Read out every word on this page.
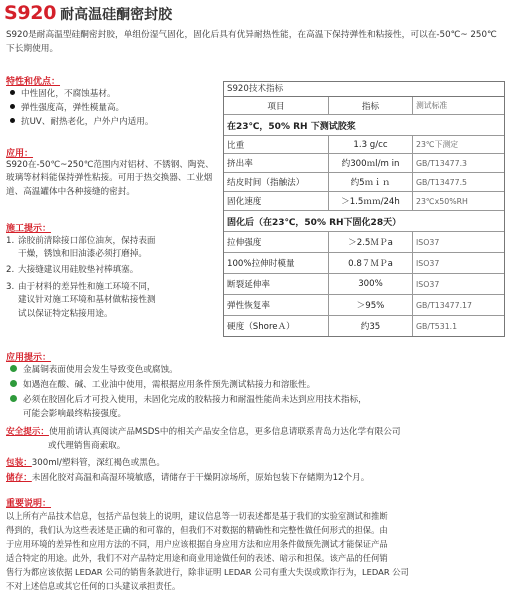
S920 耐高温硅酮密封胶
S920是耐高温型硅酮密封胶，单组份湿气固化，固化后具有优异耐热性能，在高温下保持弹性和粘接性，可以在-50℃~ 250℃下长期使用。
特性和优点：
中性固化，不腐蚀基材。
弹性强度高，弹性模量高。
抗UV、耐热老化，户外户内适用。
应用：
S920在-50℃~250℃范围内对铝材、不锈钢、陶瓷、玻璃等材料能保持弹性粘接。可用于热交换器、工业烟道、高温罐体中各种接缝的密封。
施工提示：
1. 涂胶前清除接口部位油灰，保持表面
干燥，锈蚀和旧油漆必须打磨掉。
2. 大接缝建议用硅胶垫衬棒填塞。
3. 由于材料的差异性和施工环境不同，
建议针对施工环境和基材做粘接性测
试以保证特定粘接用途。
S920技术指标
项目	指标	测试标准
在23℃，50% RH 下测试胶浆
比重	1.3 g/cc	23℃下测定
挤出率	约300ｍl/m in	GB/T13477.3
结皮时间（指触法）	约5ｍｉｎ	GB/T13477.5
固化速度	＞1.5ｍｍ/24h	23℃x50%RH
固化后（在23℃，50% RH下固化28天）
拉伸强度	＞2.5ＭＰa	ISO37
100%拉伸时模量	0.8７ＭＰa	ISO37
断裂延伸率	300%	ISO37
弹性恢复率	＞95%	GB/T13477.17
硬度（ShoreＡ）	约35	GB/T531.1
应用提示：
金属铜表面使用会发生导致变色或腐蚀。
如遇泡在酸、碱、工业油中使用，需根据应用条件预先测试粘接力和溶胀性。
必须在胶固化后才可投入使用，未固化完成的胶粘接力和耐温性能尚未达到应用技术指标，
可能会影响最终粘接强度。
安全提示：使用前请认真阅读产品MSDS中的相关产品安全信息，更多信息请联系青岛力达化学有限公司
或代理销售商索取。
包装：300ml/塑料管，深红褐色或黑色。
储存：未固化胶对高温和高湿环境敏感，请储存于干燥阴凉场所，原始包装下存储期为12个月。
重要说明：
以上所有产品技术信息，包括产品包装上的说明，建议信息等一切表述都是基于我们的实验室测试和推断
得到的，我们认为这些表述是正确的和可靠的，但我们不对数据的精确性和完整性做任何形式的担保。由
于应用环境的差异性和应用方法的不同，用户应该根据自身应用方法和应用条件做预先测试才能保证产品
适合特定的用途。此外，我们不对产品特定用途和商业用途做任何的表述、暗示和担保。该产品的任何销
售行为都应该依据 LEDAR 公司的销售条款进行，除非证明 LEDAR 公司有重大失误或欺诈行为，LEDAR 公司
不对上述信息或其它任何的口头建议承担责任。
